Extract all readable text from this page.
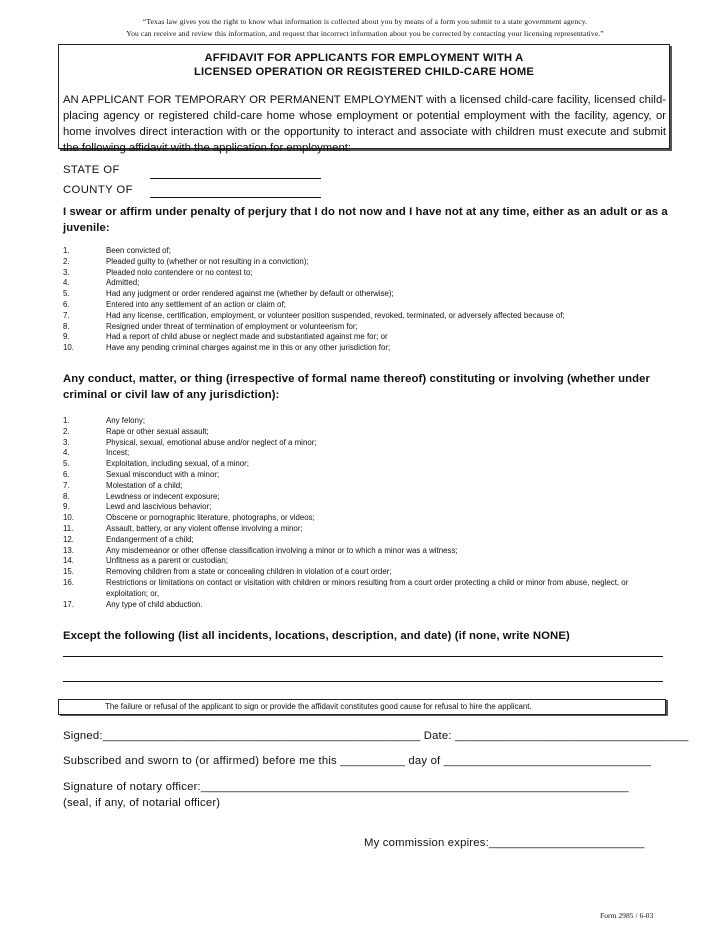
“Texas law gives you the right to know what information is collected about you by means of a form you submit to a state government agency.
You can receive and review this information, and request that incorrect information about you be corrected by contacting your licensing representative.”
AFFIDAVIT FOR APPLICANTS FOR EMPLOYMENT WITH A
LICENSED OPERATION OR REGISTERED CHILD-CARE HOME
AN APPLICANT FOR TEMPORARY OR PERMANENT EMPLOYMENT with a licensed child-care facility, licensed child-placing agency or registered child-care home whose employment or potential employment with the facility, agency, or home involves direct interaction with or the opportunity to interact and associate with children must execute and submit the following affidavit with the application for employment:
STATE OF
COUNTY OF
I swear or affirm under penalty of perjury that I do not now and I have not at any time, either as an adult or as a juvenile:
1.	Been convicted of;
2.	Pleaded guilty to (whether or not resulting in a conviction);
3.	Pleaded nolo contendere or no contest to;
4.	Admitted;
5.	Had any judgment or order rendered against me (whether by default or otherwise);
6.	Entered into any settlement of an action or claim of;
7.	Had any license, certification, employment, or volunteer position suspended, revoked, terminated, or adversely affected because of;
8.	Resigned under threat of termination of employment or volunteerism for;
9.	Had a report of child abuse or neglect made and substantiated against me for; or
10.	Have any pending criminal charges against me in this or any other jurisdiction for;
Any conduct, matter, or thing (irrespective of formal name thereof) constituting or involving (whether under criminal or civil law of any jurisdiction):
1.	Any felony;
2.	Rape or other sexual assault;
3.	Physical, sexual, emotional abuse and/or neglect of a minor;
4.	Incest;
5.	Exploitation, including sexual, of a minor;
6.	Sexual misconduct with a minor;
7.	Molestation of a child;
8.	Lewdness or indecent exposure;
9.	Lewd and lascivious behavior;
10.	Obscene or pornographic literature, photographs, or videos;
11.	Assault, battery, or any violent offense involving a minor;
12.	Endangerment of a child;
13.	Any misdemeanor or other offense classification involving a minor or to which a minor was a witness;
14.	Unfitness as a parent or custodian;
15.	Removing children from a state or concealing children in violation of a court order;
16.	Restrictions or limitations on contact or visitation with children or minors resulting from a court order protecting a child or minor from abuse, neglect, or exploitation; or,
17.	Any type of child abduction.
Except the following (list all incidents, locations, description, and date) (if none, write NONE)
The failure or refusal of the applicant to sign or provide the affidavit constitutes good cause for refusal to hire the applicant.
Signed:_________________________________________________ Date: ____________________________________
Subscribed and sworn to (or affirmed) before me this __________ day of ________________________________
Signature of notary officer:__________________________________________________________________
(seal, if any, of notarial officer)
My commission expires:________________________
Form 2985 / 6-03
